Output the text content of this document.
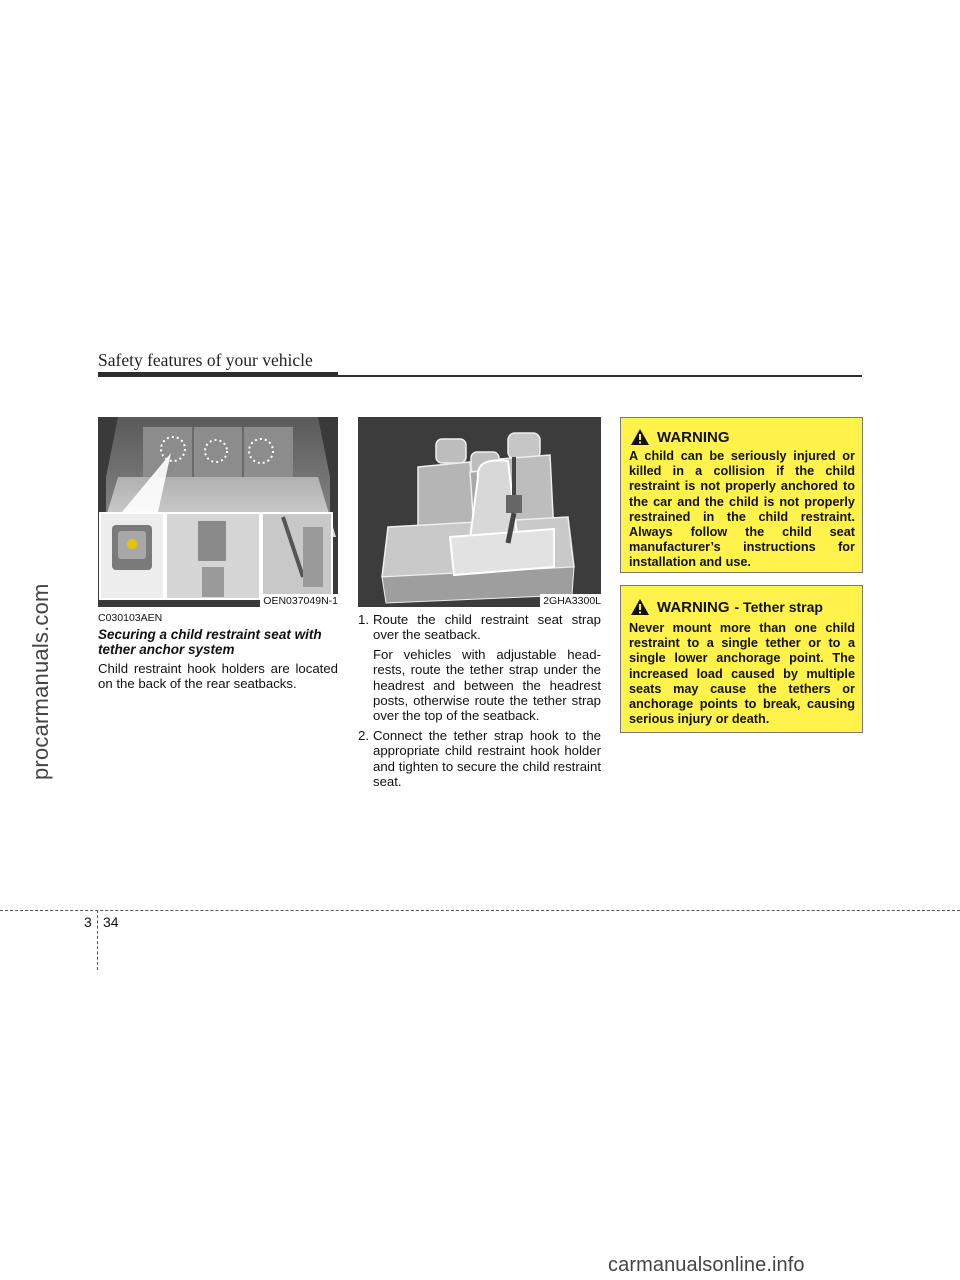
procarmanuals.com
Safety features of your vehicle
OEN037049N-1	2GHA3300L
C030103AEN
Securing a child restraint seat with tether anchor system

Child restraint hook holders are located on the back of the rear seatbacks.

1. Route the child restraint seat strap over the seatback.

For vehicles with adjustable head-rests, route the tether strap under the headrest and between the headrest posts, otherwise route the tether strap over the top of the seatback.

2. Connect the tether strap hook to the appropriate child restraint hook holder and tighten to secure the child restraint seat.

WARNING
A child can be seriously injured or killed in a collision if the child restraint is not properly anchored to the car and the child is not properly restrained in the child restraint. Always follow the child seat manufacturer’s instructions for installation and use.
WARNING - Tether strap
Never mount more than one child restraint to a single tether or to a single lower anchorage point. The increased load caused by multiple seats may cause the tethers or anchorage points to break, causing serious injury or death.
3 34
carmanualsonline.info
